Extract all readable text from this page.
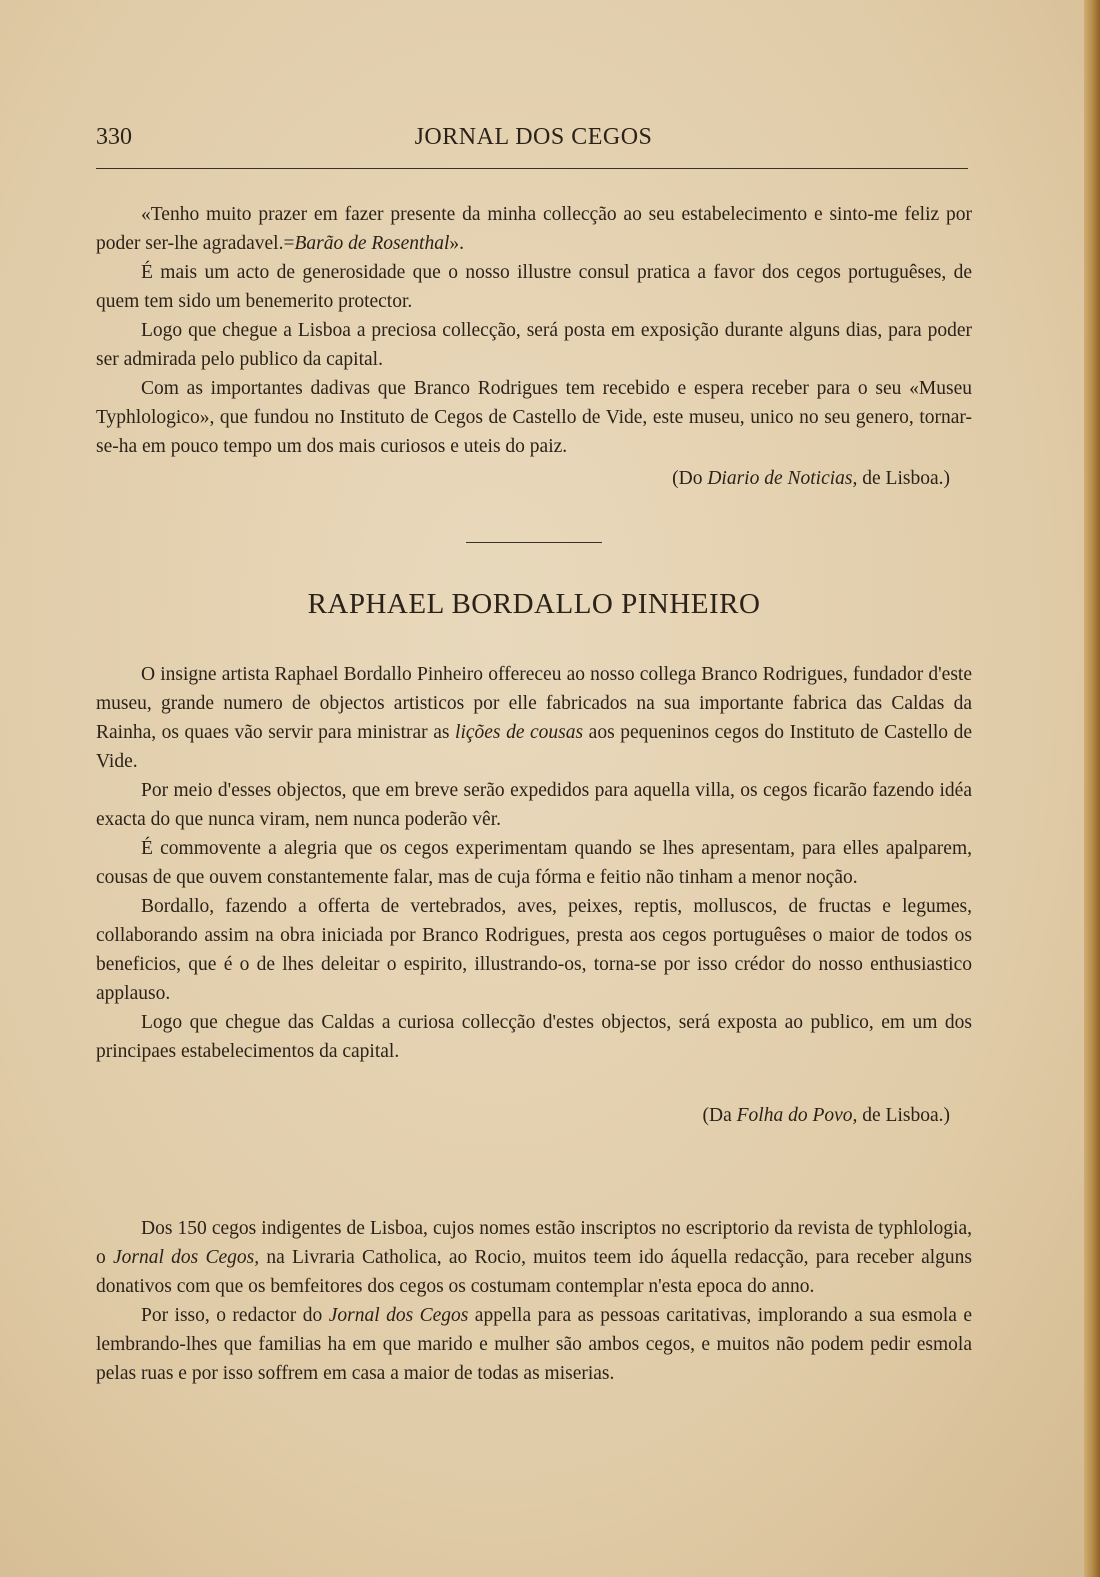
330	JORNAL DOS CEGOS

«Tenho muito prazer em fazer presente da minha collecção ao seu estabelecimento e sinto-me feliz por poder ser-lhe agradavel.=Barão de Rosenthal».

É mais um acto de generosidade que o nosso illustre consul pratica a favor dos cegos portuguêses, de quem tem sido um benemerito protector.

Logo que chegue a Lisboa a preciosa collecção, será posta em exposição durante alguns dias, para poder ser admirada pelo publico da capital.

Com as importantes dadivas que Branco Rodrigues tem recebido e espera receber para o seu «Museu Typhlologico», que fundou no Instituto de Cegos de Castello de Vide, este museu, unico no seu genero, tornar-se-ha em pouco tempo um dos mais curiosos e uteis do paiz.

(Do Diario de Noticias, de Lisboa.)
RAPHAEL BORDALLO PINHEIRO

O insigne artista Raphael Bordallo Pinheiro offereceu ao nosso collega Branco Rodrigues, fundador d'este museu, grande numero de objectos artisticos por elle fabricados na sua importante fabrica das Caldas da Rainha, os quaes vão servir para ministrar as lições de cousas aos pequeninos cegos do Instituto de Castello de Vide.

Por meio d'esses objectos, que em breve serão expedidos para aquella villa, os cegos ficarão fazendo idéa exacta do que nunca viram, nem nunca poderão vêr.

É commovente a alegria que os cegos experimentam quando se lhes apresentam, para elles apalparem, cousas de que ouvem constantemente falar, mas de cuja fórma e feitio não tinham a menor noção.

Bordallo, fazendo a offerta de vertebrados, aves, peixes, reptis, molluscos, de fructas e legumes, collaborando assim na obra iniciada por Branco Rodrigues, presta aos cegos portuguêses o maior de todos os beneficios, que é o de lhes deleitar o espirito, illustrando-os, torna-se por isso crédor do nosso enthusiastico applauso.

Logo que chegue das Caldas a curiosa collecção d'estes objectos, será exposta ao publico, em um dos principaes estabelecimentos da capital.

(Da Folha do Povo, de Lisboa.)

Dos 150 cegos indigentes de Lisboa, cujos nomes estão inscriptos no escriptorio da revista de typhlologia, o Jornal dos Cegos, na Livraria Catholica, ao Rocio, muitos teem ido áquella redacção, para receber alguns donativos com que os bemfeitores dos cegos os costumam contemplar n'esta epoca do anno.

Por isso, o redactor do Jornal dos Cegos appella para as pessoas caritativas, implorando a sua esmola e lembrando-lhes que familias ha em que marido e mulher são ambos cegos, e muitos não podem pedir esmola pelas ruas e por isso soffrem em casa a maior de todas as miserias.
